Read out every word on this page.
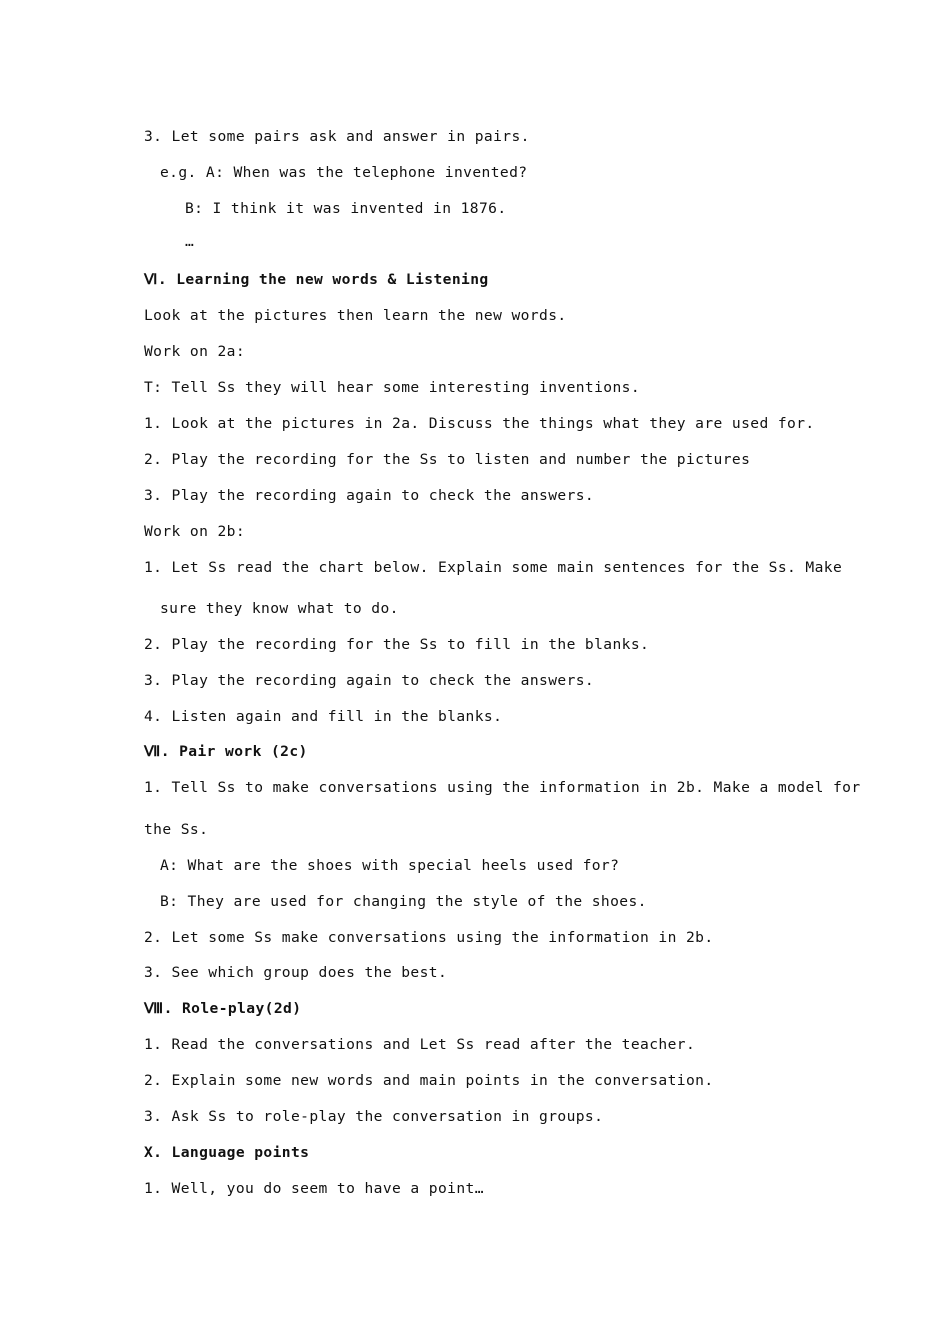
3. Let some pairs ask and answer in pairs.
e.g. A: When was the telephone invented?
B: I think it was invented in 1876.
…
Ⅵ. Learning the new words & Listening
Look at the pictures then learn the new words.
Work on 2a:
T: Tell Ss they will hear some interesting inventions.
1. Look at the pictures in 2a. Discuss the things what they are used for.
2. Play the recording for the Ss to listen and number the pictures
3. Play the recording again to check the answers.
Work on 2b:
1. Let Ss read the chart below. Explain some main sentences for the Ss. Make
sure they know what to do.
2. Play the recording for the Ss to fill in the blanks.
3. Play the recording again to check the answers.
4. Listen again and fill in the blanks.
Ⅶ. Pair work (2c)
1. Tell Ss to make conversations using the information in 2b. Make a model for
the Ss.
A: What are the shoes with special heels used for?
B: They are used for changing the style of the shoes.
2. Let some Ss make conversations using the information in 2b.
3. See which group does the best.
Ⅷ. Role-play(2d)
1. Read the conversations and Let Ss read after the teacher.
2. Explain some new words and main points in the conversation.
3. Ask Ss to role-play the conversation in groups.
X. Language points
1. Well, you do seem to have a point…
